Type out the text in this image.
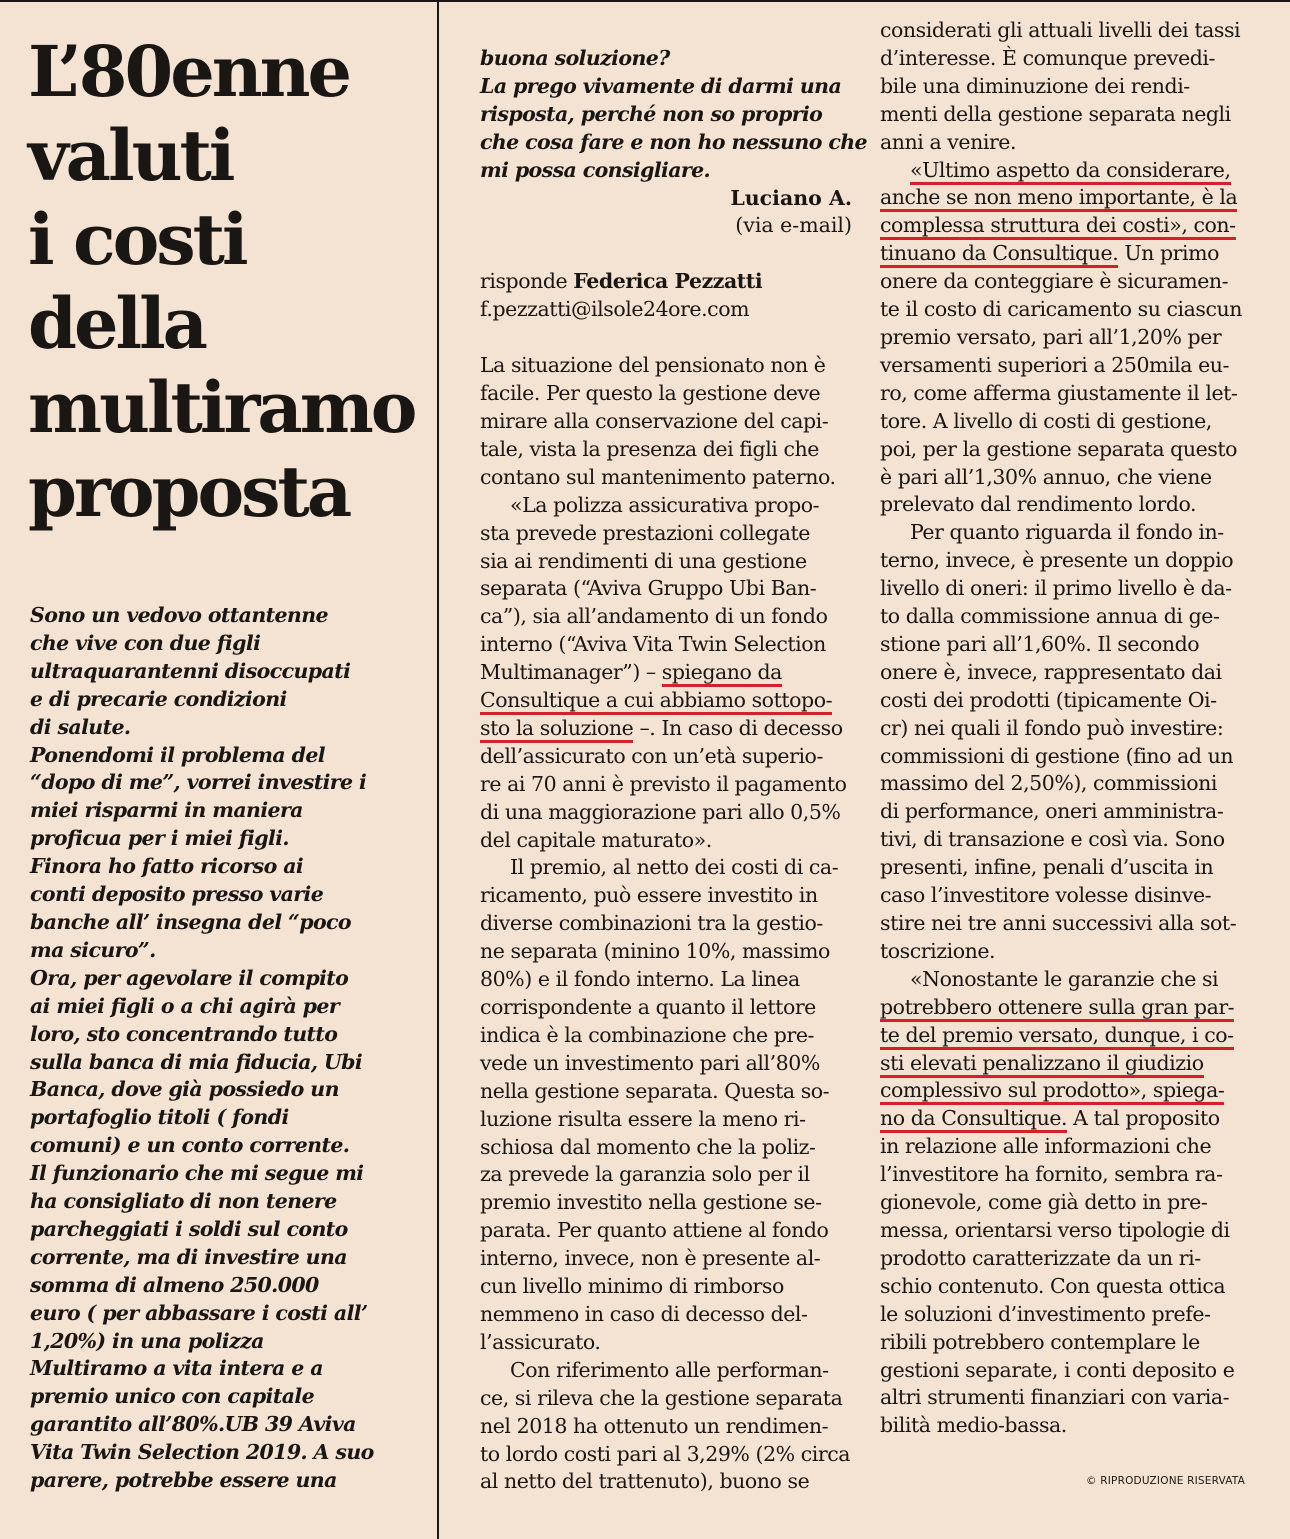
L’80enne
valuti
i costi
della
multiramo
proposta
Sono un vedovo ottantenne
che vive con due figli
ultraquarantenni disoccupati
e di precarie condizioni
di salute.
Ponendomi il problema del
“dopo di me”, vorrei investire i
miei risparmi in maniera
proficua per i miei figli.
Finora ho fatto ricorso ai
conti deposito presso varie
banche all’ insegna del “poco
ma sicuro”.
Ora, per agevolare il compito
ai miei figli o a chi agirà per
loro, sto concentrando tutto
sulla banca di mia fiducia, Ubi
Banca, dove già possiedo un
portafoglio titoli ( fondi
comuni) e un conto corrente.
Il funzionario che mi segue mi
ha consigliato di non tenere
parcheggiati i soldi sul conto
corrente, ma di investire una
somma di almeno 250.000
euro ( per abbassare i costi all’
1,20%) in una polizza
Multiramo a vita intera e a
premio unico con capitale
garantito all’80%.UB 39 Aviva
Vita Twin Selection 2019. A suo
parere, potrebbe essere una
buona soluzione?
La prego vivamente di darmi una
risposta, perché non so proprio
che cosa fare e non ho nessuno che
mi possa consigliare.
Luciano A.
(via e-mail)
risponde Federica Pezzatti
f.pezzatti@ilsole24ore.com
La situazione del pensionato non è
facile. Per questo la gestione deve
mirare alla conservazione del capi-
tale, vista la presenza dei figli che
contano sul mantenimento paterno.
«La polizza assicurativa propo-
sta prevede prestazioni collegate
sia ai rendimenti di una gestione
separata (“Aviva Gruppo Ubi Ban-
ca”), sia all’andamento di un fondo
interno (“Aviva Vita Twin Selection
Multimanager”) – spiegano da
Consultique a cui abbiamo sottopo-
sto la soluzione –. In caso di decesso
dell’assicurato con un’età superio-
re ai 70 anni è previsto il pagamento
di una maggiorazione pari allo 0,5%
del capitale maturato».
Il premio, al netto dei costi di ca-
ricamento, può essere investito in
diverse combinazioni tra la gestio-
ne separata (minino 10%, massimo
80%) e il fondo interno. La linea
corrispondente a quanto il lettore
indica è la combinazione che pre-
vede un investimento pari all’80%
nella gestione separata. Questa so-
luzione risulta essere la meno ri-
schiosa dal momento che la poliz-
za prevede la garanzia solo per il
premio investito nella gestione se-
parata. Per quanto attiene al fondo
interno, invece, non è presente al-
cun livello minimo di rimborso
nemmeno in caso di decesso del-
l’assicurato.
Con riferimento alle performan-
ce, si rileva che la gestione separata
nel 2018 ha ottenuto un rendimen-
to lordo costi pari al 3,29% (2% circa
al netto del trattenuto), buono se
considerati gli attuali livelli dei tassi
d’interesse. È comunque prevedi-
bile una diminuzione dei rendi-
menti della gestione separata negli
anni a venire.
«Ultimo aspetto da considerare,
anche se non meno importante, è la
complessa struttura dei costi», con-
tinuano da Consultique. Un primo
onere da conteggiare è sicuramen-
te il costo di caricamento su ciascun
premio versato, pari all’1,20% per
versamenti superiori a 250mila eu-
ro, come afferma giustamente il let-
tore. A livello di costi di gestione,
poi, per la gestione separata questo
è pari all’1,30% annuo, che viene
prelevato dal rendimento lordo.
Per quanto riguarda il fondo in-
terno, invece, è presente un doppio
livello di oneri: il primo livello è da-
to dalla commissione annua di ge-
stione pari all’1,60%. Il secondo
onere è, invece, rappresentato dai
costi dei prodotti (tipicamente Oi-
cr) nei quali il fondo può investire:
commissioni di gestione (fino ad un
massimo del 2,50%), commissioni
di performance, oneri amministra-
tivi, di transazione e così via. Sono
presenti, infine, penali d’uscita in
caso l’investitore volesse disinve-
stire nei tre anni successivi alla sot-
toscrizione.
«Nonostante le garanzie che si
potrebbero ottenere sulla gran par-
te del premio versato, dunque, i co-
sti elevati penalizzano il giudizio
complessivo sul prodotto», spiega-
no da Consultique. A tal proposito
in relazione alle informazioni che
l’investitore ha fornito, sembra ra-
gionevole, come già detto in pre-
messa, orientarsi verso tipologie di
prodotto caratterizzate da un ri-
schio contenuto. Con questa ottica
le soluzioni d’investimento prefe-
ribili potrebbero contemplare le
gestioni separate, i conti deposito e
altri strumenti finanziari con varia-
bilità medio-bassa.
© RIPRODUZIONE RISERVATA
